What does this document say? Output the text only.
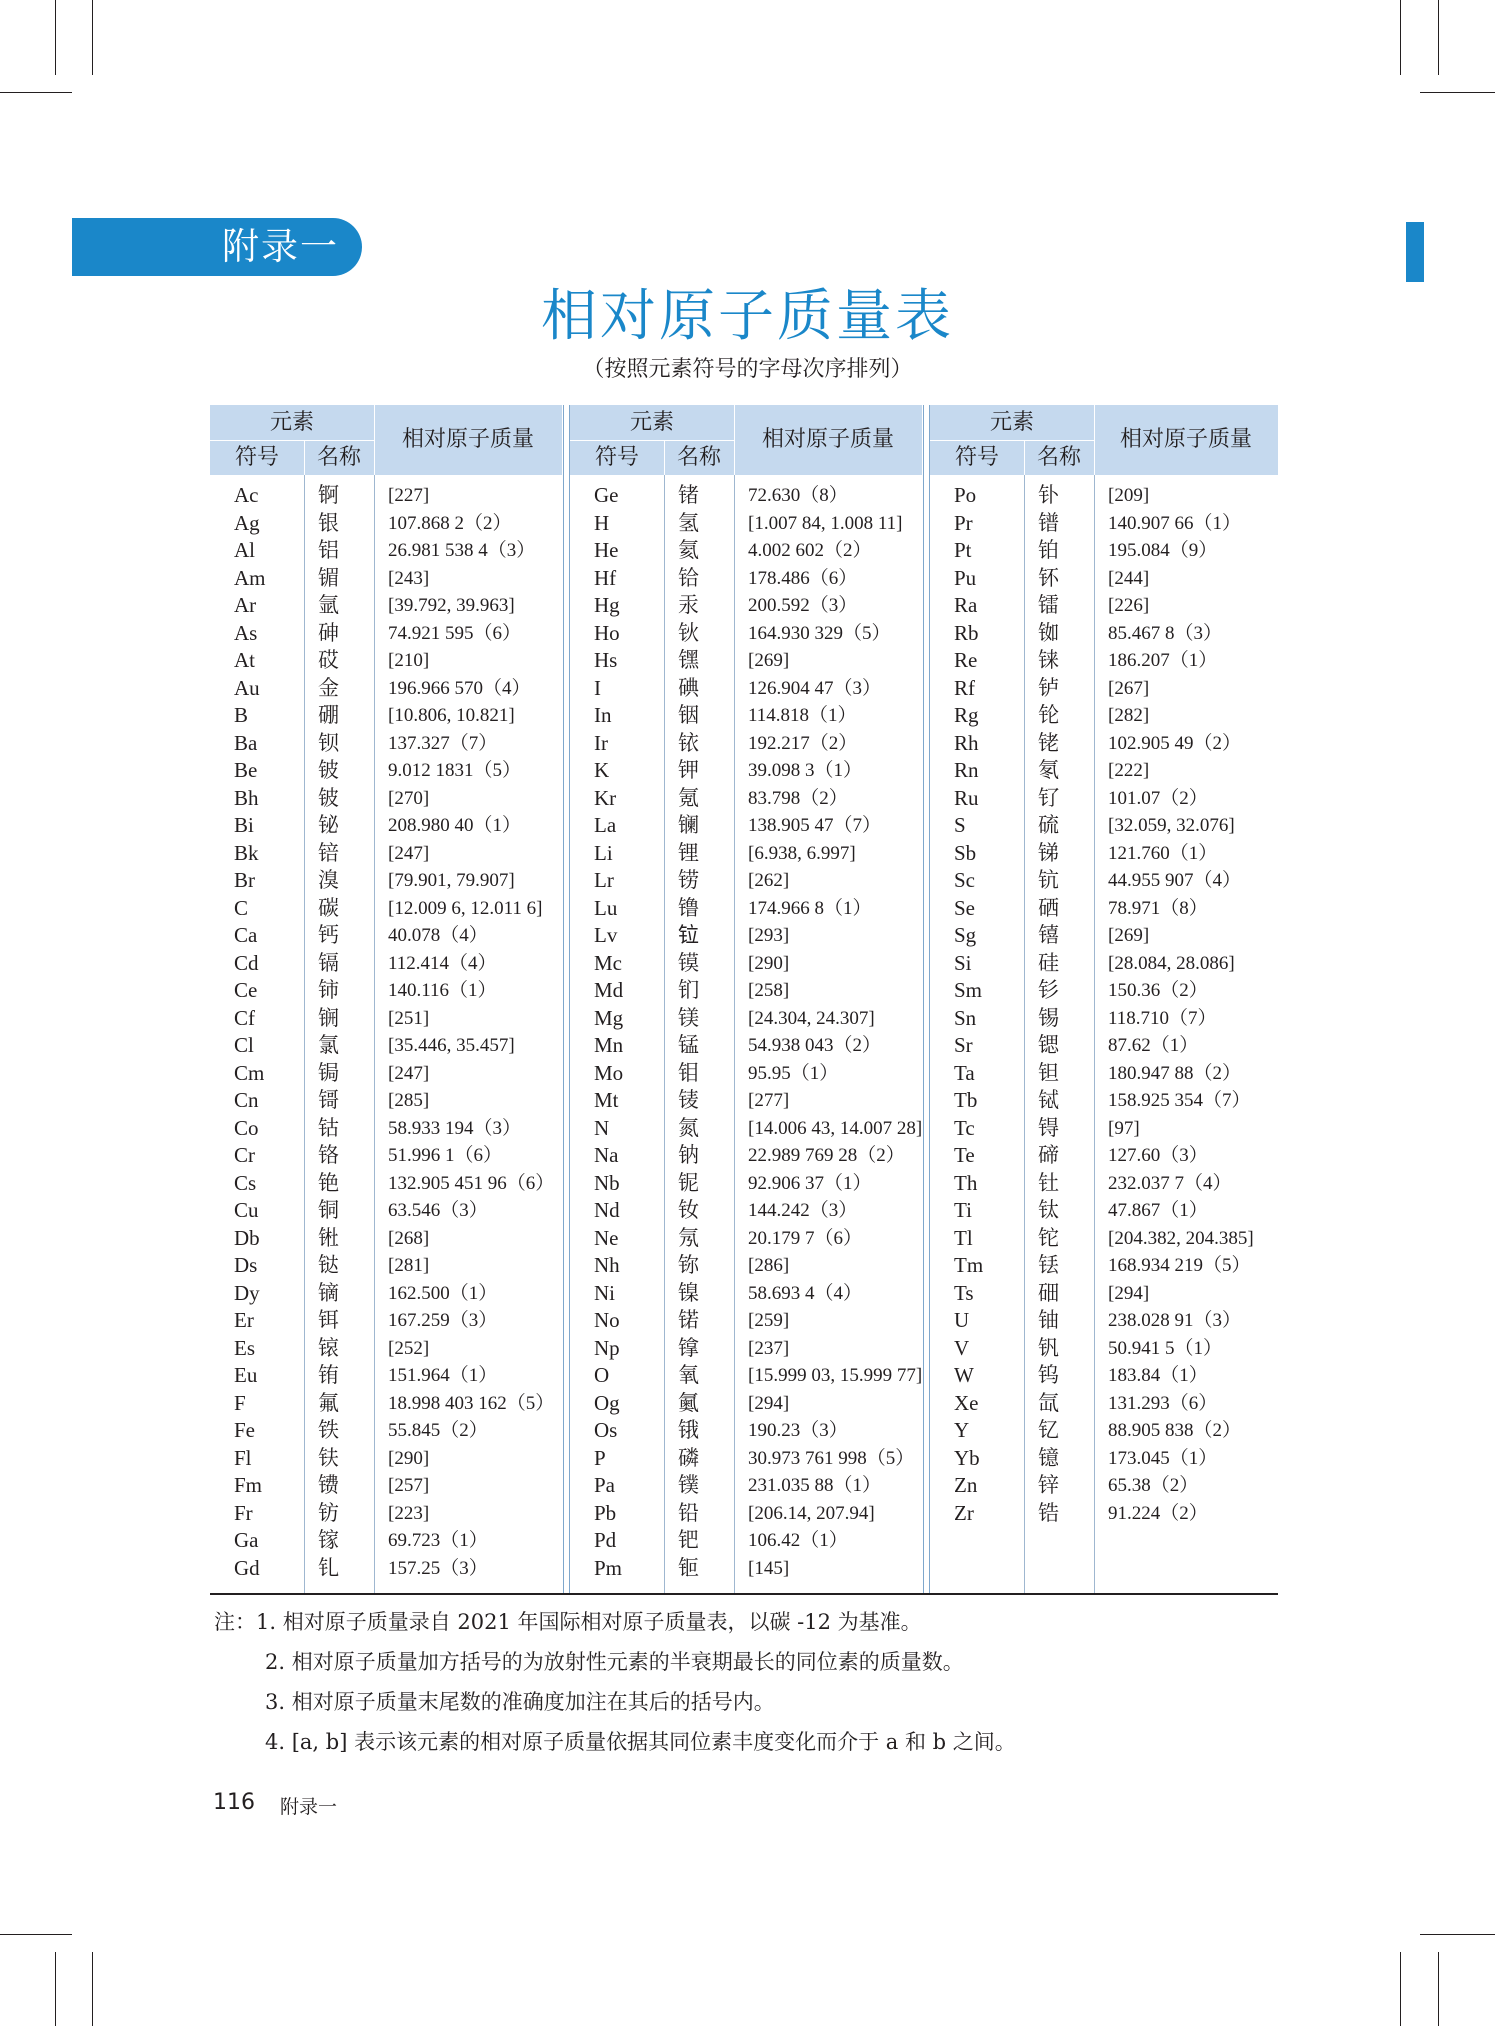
附录一
相对原子质量表
（按照元素符号的字母次序排列）
元素
符号	名称
相对原子质量
Ac	锕	[227]
Ag	银	107.868 2（2）
Al	铝	26.981 538 4（3）
Am	镅	[243]
Ar	氩	[39.792, 39.963]
As	砷	74.921 595（6）
At	砹	[210]
Au	金	196.966 570（4）
B	硼	[10.806, 10.821]
Ba	钡	137.327（7）
Be	铍	9.012 1831（5）
Bh	铍	[270]
Bi	铋	208.980 40（1）
Bk	锫	[247]
Br	溴	[79.901, 79.907]
C	碳	[12.009 6, 12.011 6]
Ca	钙	40.078（4）
Cd	镉	112.414（4）
Ce	铈	140.116（1）
Cf	锎	[251]
Cl	氯	[35.446, 35.457]
Cm	锔	[247]
Cn	鿔	[285]
Co	钴	58.933 194（3）
Cr	铬	51.996 1（6）
Cs	铯	132.905 451 96（6）
Cu	铜	63.546（3）
Db	𬭊	[268]
Ds	𫟼	[281]
Dy	镝	162.500（1）
Er	铒	167.259（3）
Es	锿	[252]
Eu	铕	151.964（1）
F	氟	18.998 403 162（5）
Fe	铁	55.845（2）
Fl	𫓧	[290]
Fm	镄	[257]
Fr	钫	[223]
Ga	镓	69.723（1）
Gd	钆	157.25（3）
元素
符号	名称
相对原子质量
Ge	锗	72.630（8）
H	氢	[1.007 84, 1.008 11]
He	氦	4.002 602（2）
Hf	铪	178.486（6）
Hg	汞	200.592（3）
Ho	钬	164.930 329（5）
Hs	𬭶	[269]
I	碘	126.904 47（3）
In	铟	114.818（1）
Ir	铱	192.217（2）
K	钾	39.098 3（1）
Kr	氪	83.798（2）
La	镧	138.905 47（7）
Li	锂	[6.938, 6.997]
Lr	铹	[262]
Lu	镥	174.966 8（1）
Lv	𫟷	[293]
Mc	镆	[290]
Md	钔	[258]
Mg	镁	[24.304, 24.307]
Mn	锰	54.938 043（2）
Mo	钼	95.95（1）
Mt	鿏	[277]
N	氮	[14.006 43, 14.007 28]
Na	钠	22.989 769 28（2）
Nb	铌	92.906 37（1）
Nd	钕	144.242（3）
Ne	氖	20.179 7（6）
Nh	鿭	[286]
Ni	镍	58.693 4（4）
No	锘	[259]
Np	镎	[237]
O	氧	[15.999 03, 15.999 77]
Og	鿫	[294]
Os	锇	190.23（3）
P	磷	30.973 761 998（5）
Pa	镤	231.035 88（1）
Pb	铅	[206.14, 207.94]
Pd	钯	106.42（1）
Pm	钷	[145]
元素
符号	名称
相对原子质量
Po	钋	[209]
Pr	镨	140.907 66（1）
Pt	铂	195.084（9）
Pu	钚	[244]
Ra	镭	[226]
Rb	铷	85.467 8（3）
Re	铼	186.207（1）
Rf	𬬻	[267]
Rg	𬬭	[282]
Rh	铑	102.905 49（2）
Rn	氡	[222]
Ru	钌	101.07（2）
S	硫	[32.059, 32.076]
Sb	锑	121.760（1）
Sc	钪	44.955 907（4）
Se	硒	78.971（8）
Sg	𬭳	[269]
Si	硅	[28.084, 28.086]
Sm	钐	150.36（2）
Sn	锡	118.710（7）
Sr	锶	87.62（1）
Ta	钽	180.947 88（2）
Tb	铽	158.925 354（7）
Tc	锝	[97]
Te	碲	127.60（3）
Th	钍	232.037 7（4）
Ti	钛	47.867（1）
Tl	铊	[204.382, 204.385]
Tm	铥	168.934 219（5）
Ts	鿬	[294]
U	铀	238.028 91（3）
V	钒	50.941 5（1）
W	钨	183.84（1）
Xe	氙	131.293（6）
Y	钇	88.905 838（2）
Yb	镱	173.045（1）
Zn	锌	65.38（2）
Zr	锆	91.224（2）
注：1. 相对原子质量录自 2021 年国际相对原子质量表，以碳 -12 为基准。
2. 相对原子质量加方括号的为放射性元素的半衰期最长的同位素的质量数。
3. 相对原子质量末尾数的准确度加注在其后的括号内。
4. [a, b] 表示该元素的相对原子质量依据其同位素丰度变化而介于 a 和 b 之间。
116 附录一
